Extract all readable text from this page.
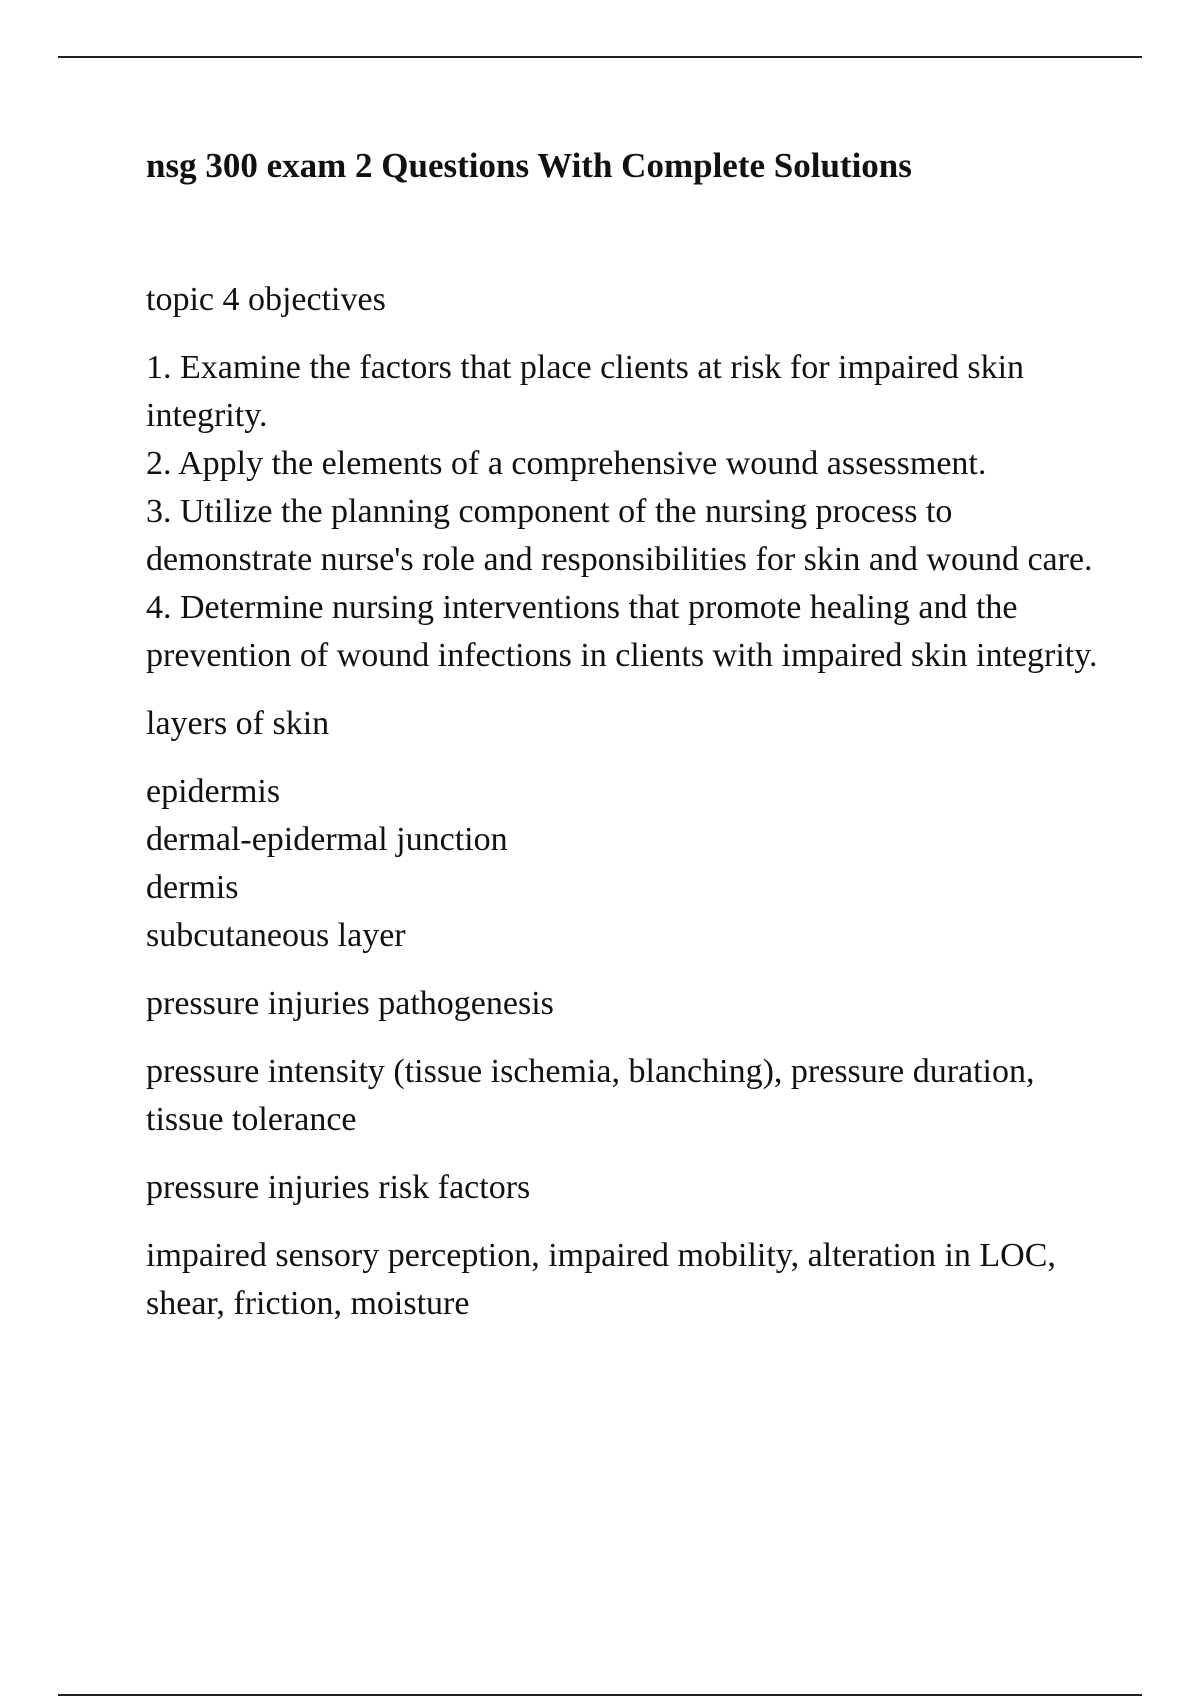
nsg 300 exam 2 Questions With Complete Solutions

topic 4 objectives

1. Examine the factors that place clients at risk for impaired skin integrity.
2. Apply the elements of a comprehensive wound assessment.
3. Utilize the planning component of the nursing process to demonstrate nurse's role and responsibilities for skin and wound care.
4. Determine nursing interventions that promote healing and the prevention of wound infections in clients with impaired skin integrity.

layers of skin

epidermis
dermal-epidermal junction
dermis
subcutaneous layer

pressure injuries pathogenesis

pressure intensity (tissue ischemia, blanching), pressure duration, tissue tolerance

pressure injuries risk factors

impaired sensory perception, impaired mobility, alteration in LOC, shear, friction, moisture
